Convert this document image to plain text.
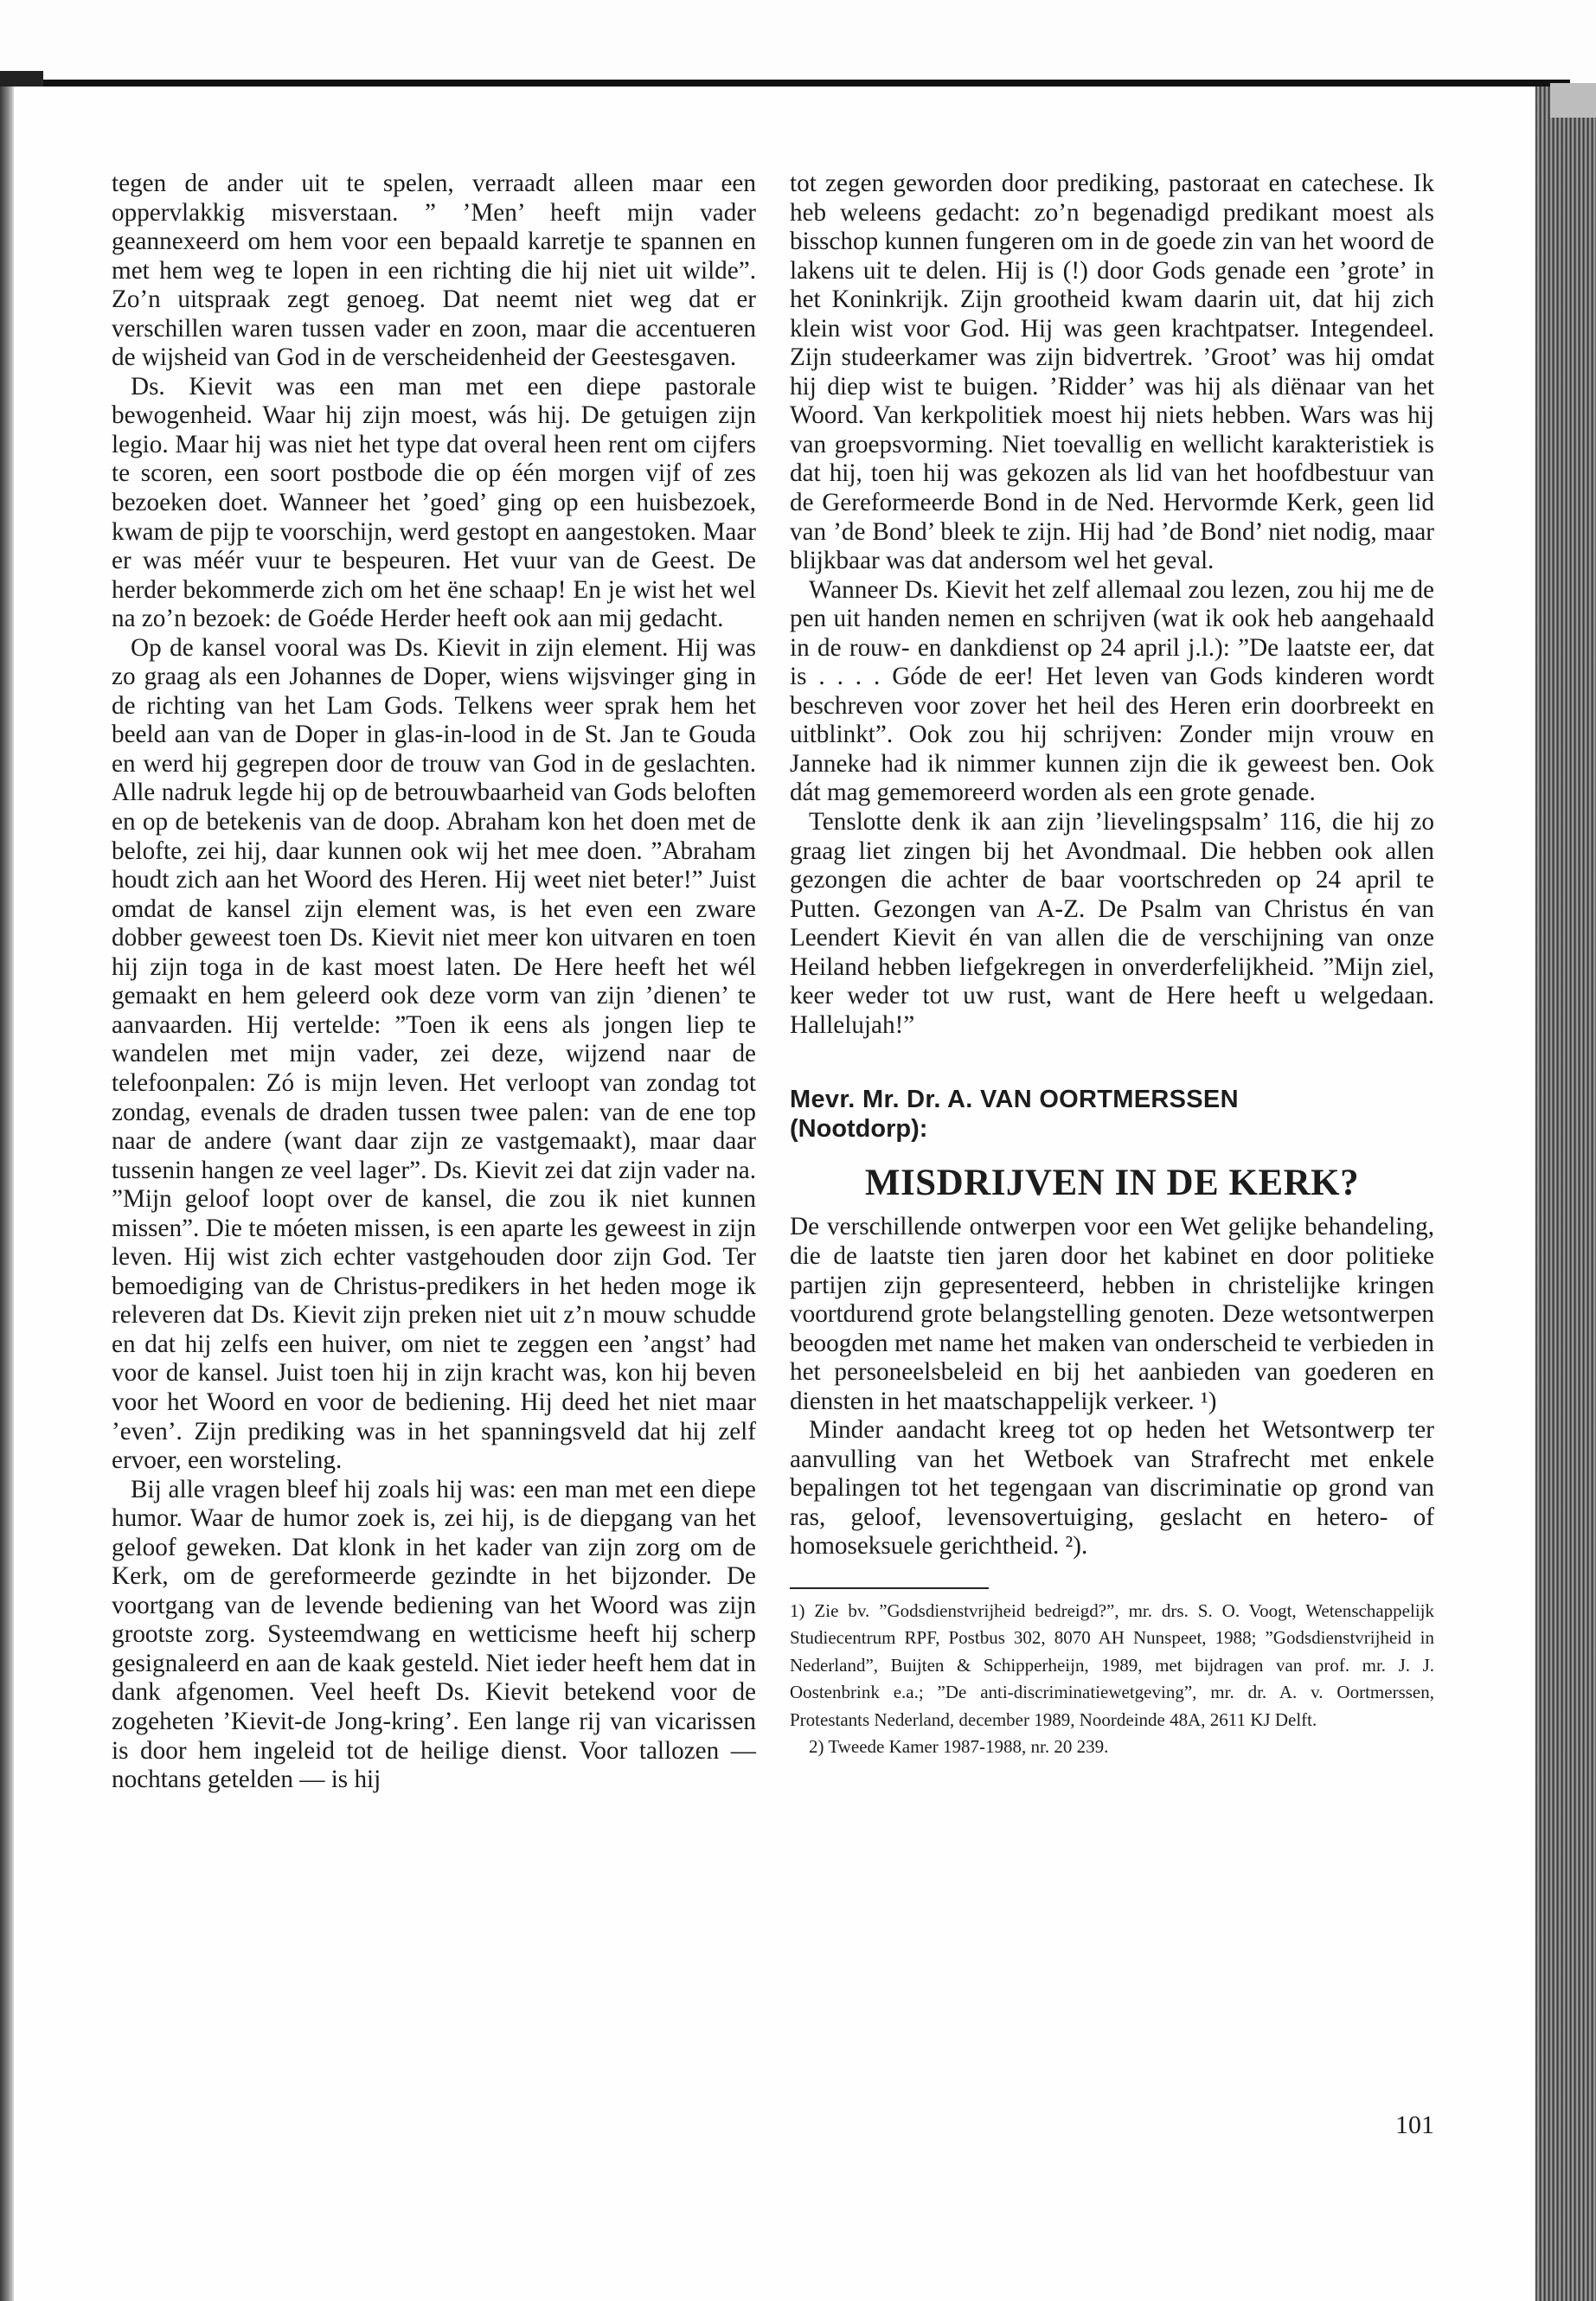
tegen de ander uit te spelen, verraadt alleen maar een oppervlakkig misverstaan. ” ’Men’ heeft mijn vader geannexeerd om hem voor een bepaald karretje te spannen en met hem weg te lopen in een richting die hij niet uit wilde”. Zo’n uitspraak zegt genoeg. Dat neemt niet weg dat er verschillen waren tussen vader en zoon, maar die accentueren de wijsheid van God in de verscheidenheid der Geestesgaven.

Ds. Kievit was een man met een diepe pastorale bewogenheid. Waar hij zijn moest, wás hij. De getuigen zijn legio. Maar hij was niet het type dat overal heen rent om cijfers te scoren, een soort postbode die op één morgen vijf of zes bezoeken doet. Wanneer het ’goed’ ging op een huisbezoek, kwam de pijp te voorschijn, werd gestopt en aangestoken. Maar er was méér vuur te bespeuren. Het vuur van de Geest. De herder bekommerde zich om het ëne schaap! En je wist het wel na zo’n bezoek: de Goéde Herder heeft ook aan mij gedacht.

Op de kansel vooral was Ds. Kievit in zijn element. Hij was zo graag als een Johannes de Doper, wiens wijsvinger ging in de richting van het Lam Gods. Telkens weer sprak hem het beeld aan van de Doper in glas-in-lood in de St. Jan te Gouda en werd hij gegrepen door de trouw van God in de geslachten. Alle nadruk legde hij op de betrouwbaarheid van Gods beloften en op de betekenis van de doop. Abraham kon het doen met de belofte, zei hij, daar kunnen ook wij het mee doen. ”Abraham houdt zich aan het Woord des Heren. Hij weet niet beter!” Juist omdat de kansel zijn element was, is het even een zware dobber geweest toen Ds. Kievit niet meer kon uitvaren en toen hij zijn toga in de kast moest laten. De Here heeft het wél gemaakt en hem geleerd ook deze vorm van zijn ’dienen’ te aanvaarden. Hij vertelde: ”Toen ik eens als jongen liep te wandelen met mijn vader, zei deze, wijzend naar de telefoonpalen: Zó is mijn leven. Het verloopt van zondag tot zondag, evenals de draden tussen twee palen: van de ene top naar de andere (want daar zijn ze vastgemaakt), maar daar tussenin hangen ze veel lager”. Ds. Kievit zei dat zijn vader na. ”Mijn geloof loopt over de kansel, die zou ik niet kunnen missen”. Die te móeten missen, is een aparte les geweest in zijn leven. Hij wist zich echter vastgehouden door zijn God. Ter bemoediging van de Christus-predikers in het heden moge ik releveren dat Ds. Kievit zijn preken niet uit z’n mouw schudde en dat hij zelfs een huiver, om niet te zeggen een ’angst’ had voor de kansel. Juist toen hij in zijn kracht was, kon hij beven voor het Woord en voor de bediening. Hij deed het niet maar ’even’. Zijn prediking was in het spanningsveld dat hij zelf ervoer, een worsteling.

Bij alle vragen bleef hij zoals hij was: een man met een diepe humor. Waar de humor zoek is, zei hij, is de diepgang van het geloof geweken. Dat klonk in het kader van zijn zorg om de Kerk, om de gereformeerde gezindte in het bijzonder. De voortgang van de levende bediening van het Woord was zijn grootste zorg. Systeemdwang en wetticisme heeft hij scherp gesignaleerd en aan de kaak gesteld. Niet ieder heeft hem dat in dank afgenomen. Veel heeft Ds. Kievit betekend voor de zogeheten ’Kievit-de Jong-kring’. Een lange rij van vicarissen is door hem ingeleid tot de heilige dienst. Voor tallozen — nochtans getelden — is hij

tot zegen geworden door prediking, pastoraat en catechese. Ik heb weleens gedacht: zo’n begenadigd predikant moest als bisschop kunnen fungeren om in de goede zin van het woord de lakens uit te delen. Hij is (!) door Gods genade een ’grote’ in het Koninkrijk. Zijn grootheid kwam daarin uit, dat hij zich klein wist voor God. Hij was geen krachtpatser. Integendeel. Zijn studeerkamer was zijn bidvertrek. ’Groot’ was hij omdat hij diep wist te buigen. ’Ridder’ was hij als diënaar van het Woord. Van kerkpolitiek moest hij niets hebben. Wars was hij van groepsvorming. Niet toevallig en wellicht karakteristiek is dat hij, toen hij was gekozen als lid van het hoofdbestuur van de Gereformeerde Bond in de Ned. Hervormde Kerk, geen lid van ’de Bond’ bleek te zijn. Hij had ’de Bond’ niet nodig, maar blijkbaar was dat andersom wel het geval.

Wanneer Ds. Kievit het zelf allemaal zou lezen, zou hij me de pen uit handen nemen en schrijven (wat ik ook heb aangehaald in de rouw- en dankdienst op 24 april j.l.): ”De laatste eer, dat is . . . . Góde de eer! Het leven van Gods kinderen wordt beschreven voor zover het heil des Heren erin doorbreekt en uitblinkt”. Ook zou hij schrijven: Zonder mijn vrouw en Janneke had ik nimmer kunnen zijn die ik geweest ben. Ook dát mag gememoreerd worden als een grote genade.

Tenslotte denk ik aan zijn ’lievelingspsalm’ 116, die hij zo graag liet zingen bij het Avondmaal. Die hebben ook allen gezongen die achter de baar voortschreden op 24 april te Putten. Gezongen van A-Z. De Psalm van Christus én van Leendert Kievit én van allen die de verschijning van onze Heiland hebben liefgekregen in onverderfelijkheid. ”Mijn ziel, keer weder tot uw rust, want de Here heeft u welgedaan. Hallelujah!”

Mevr. Mr. Dr. A. VAN OORTMERSSEN
(Nootdorp):
MISDRIJVEN IN DE KERK?

De verschillende ontwerpen voor een Wet gelijke behandeling, die de laatste tien jaren door het kabinet en door politieke partijen zijn gepresenteerd, hebben in christelijke kringen voortdurend grote belangstelling genoten. Deze wetsontwerpen beoogden met name het maken van onderscheid te verbieden in het personeelsbeleid en bij het aanbieden van goederen en diensten in het maatschappelijk verkeer. ¹)

Minder aandacht kreeg tot op heden het Wetsontwerp ter aanvulling van het Wetboek van Strafrecht met enkele bepalingen tot het tegengaan van discriminatie op grond van ras, geloof, levensovertuiging, geslacht en hetero- of homoseksuele gerichtheid. ²).

1) Zie bv. ”Godsdienstvrijheid bedreigd?”, mr. drs. S. O. Voogt, Wetenschappelijk Studiecentrum RPF, Postbus 302, 8070 AH Nunspeet, 1988; ”Godsdienstvrijheid in Nederland”, Buijten & Schipperheijn, 1989, met bijdragen van prof. mr. J. J. Oostenbrink e.a.; ”De anti-discriminatiewetgeving”, mr. dr. A. v. Oortmerssen, Protestants Nederland, december 1989, Noordeinde 48A, 2611 KJ Delft.

2) Tweede Kamer 1987-1988, nr. 20 239.

101
